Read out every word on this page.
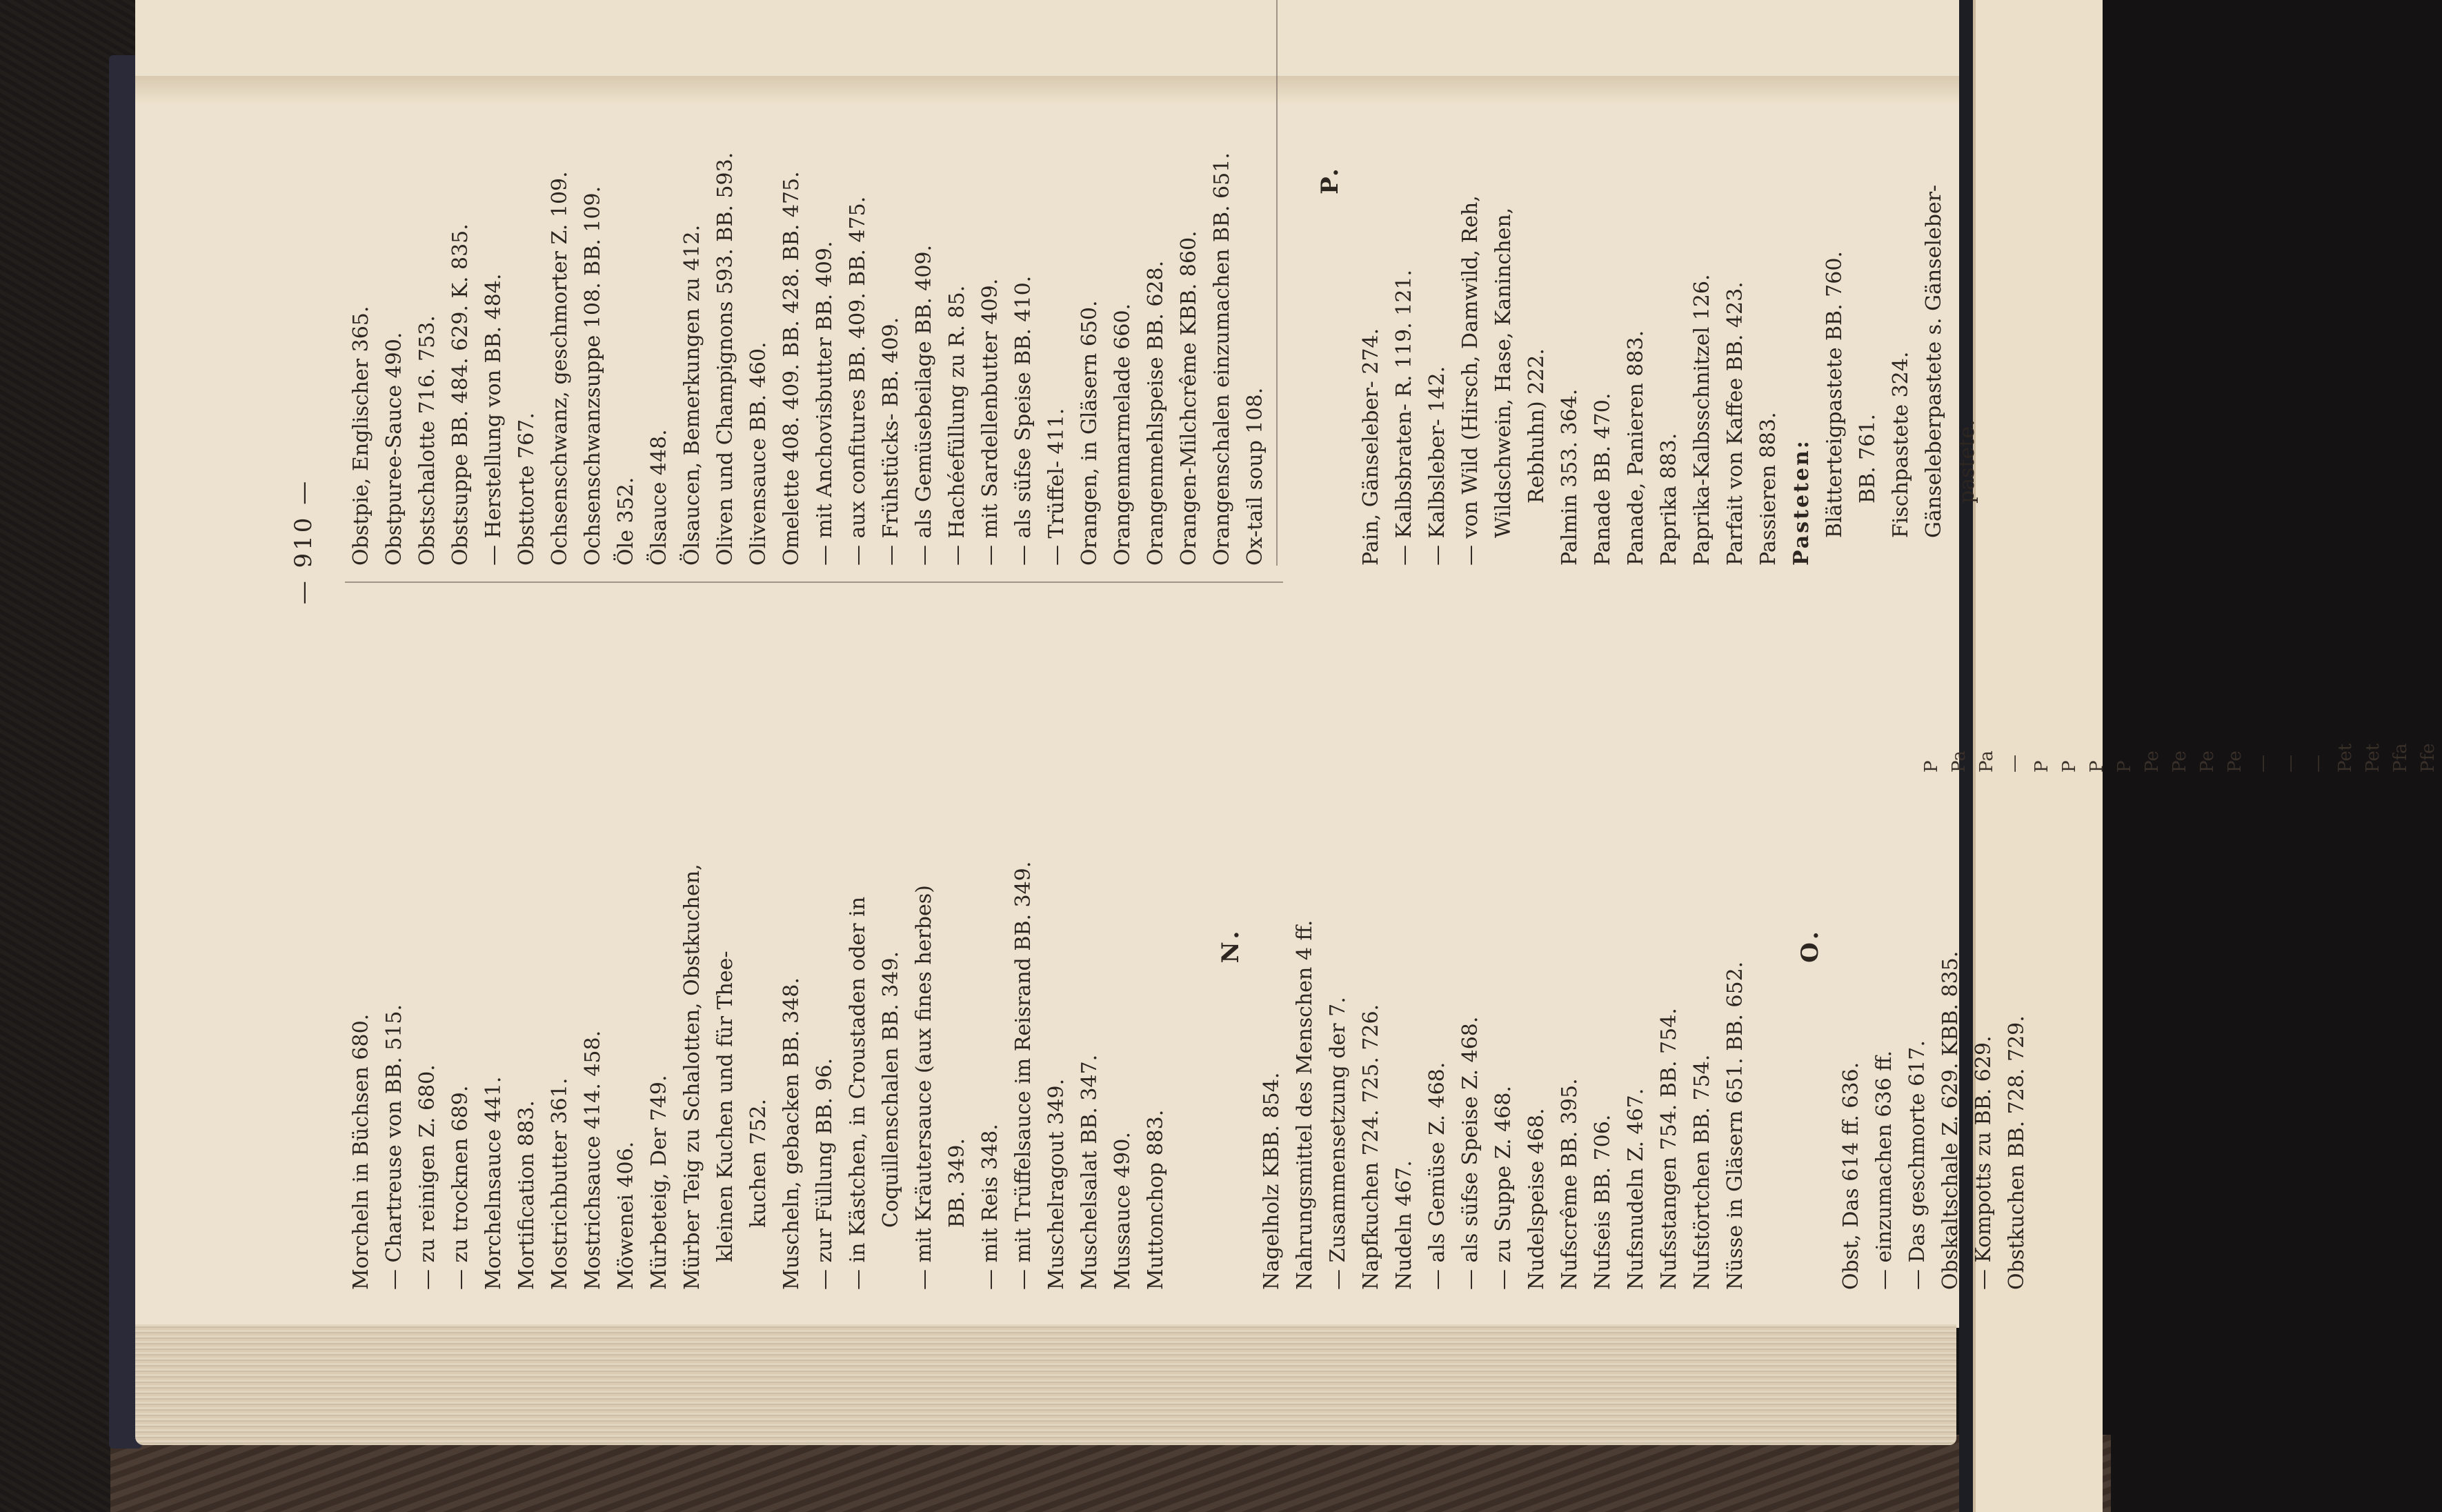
P Pa Pa — P P P P Pe Pe Pe Pe — — — Pet Pet Pfa Pfe
— 910 —
Morcheln in Büchsen 680. — Chartreuse von BB. 515. — zu reinigen Z. 680. — zu trocknen 689. Morchelnsauce 441. Mortification 883. Mostrichbutter 361. Mostrichsauce 414. 458. Möwenei 406. Mürbeteig, Der 749. Mürber Teig zu Schalotten, Obstkuchen, kleinen Kuchen und für Thee- kuchen 752. Muscheln, gebacken BB. 348. — zur Füllung BB. 96. — in Kästchen, in Croustaden oder in Coquillenschalen BB. 349. — mit Kräutersauce (aux fines herbes) BB. 349. — mit Reis 348. — mit Trüffelsauce im Reisrand BB. 349. Muschelragout 349. Muschelsalat BB. 347. Mussauce 490. Muttonchop 883.
N.
Nagelholz KBB. 854. Nahrungsmittel des Menschen 4 ff. — Zusammensetzung der 7. Napfkuchen 724. 725. 726. Nudeln 467. — als Gemüse Z. 468. — als süfse Speise Z. 468. — zu Suppe Z. 468. Nudelspeise 468. Nufscrême BB. 395. Nufseis BB. 706. Nufsnudeln Z. 467. Nufsstangen 754. BB. 754. Nufstörtchen BB. 754. Nüsse in Gläsern 651. BB. 652.
O.
Obst, Das 614 ff. 636. — einzumachen 636 ff. — Das geschmorte 617. Obskaltschale Z. 629. KBB. 835. — Kompotts zu BB. 629. Obstkuchen BB. 728. 729.
Obstpie, Englischer 365. Obstpuree-Sauce 490. Obstschalotte 716. 753. Obstsuppe BB. 484. 629. K. 835. — Herstellung von BB. 484. Obsttorte 767. Ochsenschwanz, geschmorter Z. 109. Ochsenschwanzsuppe 108. BB. 109. Öle 352. Ölsauce 448. Ölsaucen, Bemerkungen zu 412. Oliven und Champignons 593. BB. 593. Olivensauce BB. 460. Omelette 408. 409. BB. 428. BB. 475. — mit Anchovisbutter BB. 409. — aux confitures BB. 409. BB. 475. — Frühstücks- BB. 409. — als Gemüsebeilage BB. 409. — Hachéefüllung zu R. 85. — mit Sardellenbutter 409. — als süfse Speise BB. 410. — Trüffel- 411. Orangen, in Gläsern 650. Orangenmarmelade 660. Orangenmehlspeise BB. 628. Orangen-Milchcrême KBB. 860. Orangenschalen einzumachen BB. 651. Ox-tail soup 108.
P.
Pain, Gänseleber- 274. — Kalbsbraten- R. 119. 121. — Kalbsleber- 142. — von Wild (Hirsch, Damwild, Reh, Wildschwein, Hase, Kaninchen, Rebhuhn) 222. Palmin 353. 364. Panade BB. 470. Panade, Panieren 883. Paprika 883. Paprika-Kalbsschnitzel 126. Parfait von Kaffee BB. 423. Passieren 883. Pasteten: Blätterteigpastete BB. 760. BB. 761. Fischpastete 324. Gänseleberpastete s. Gänseleber- pastete.
